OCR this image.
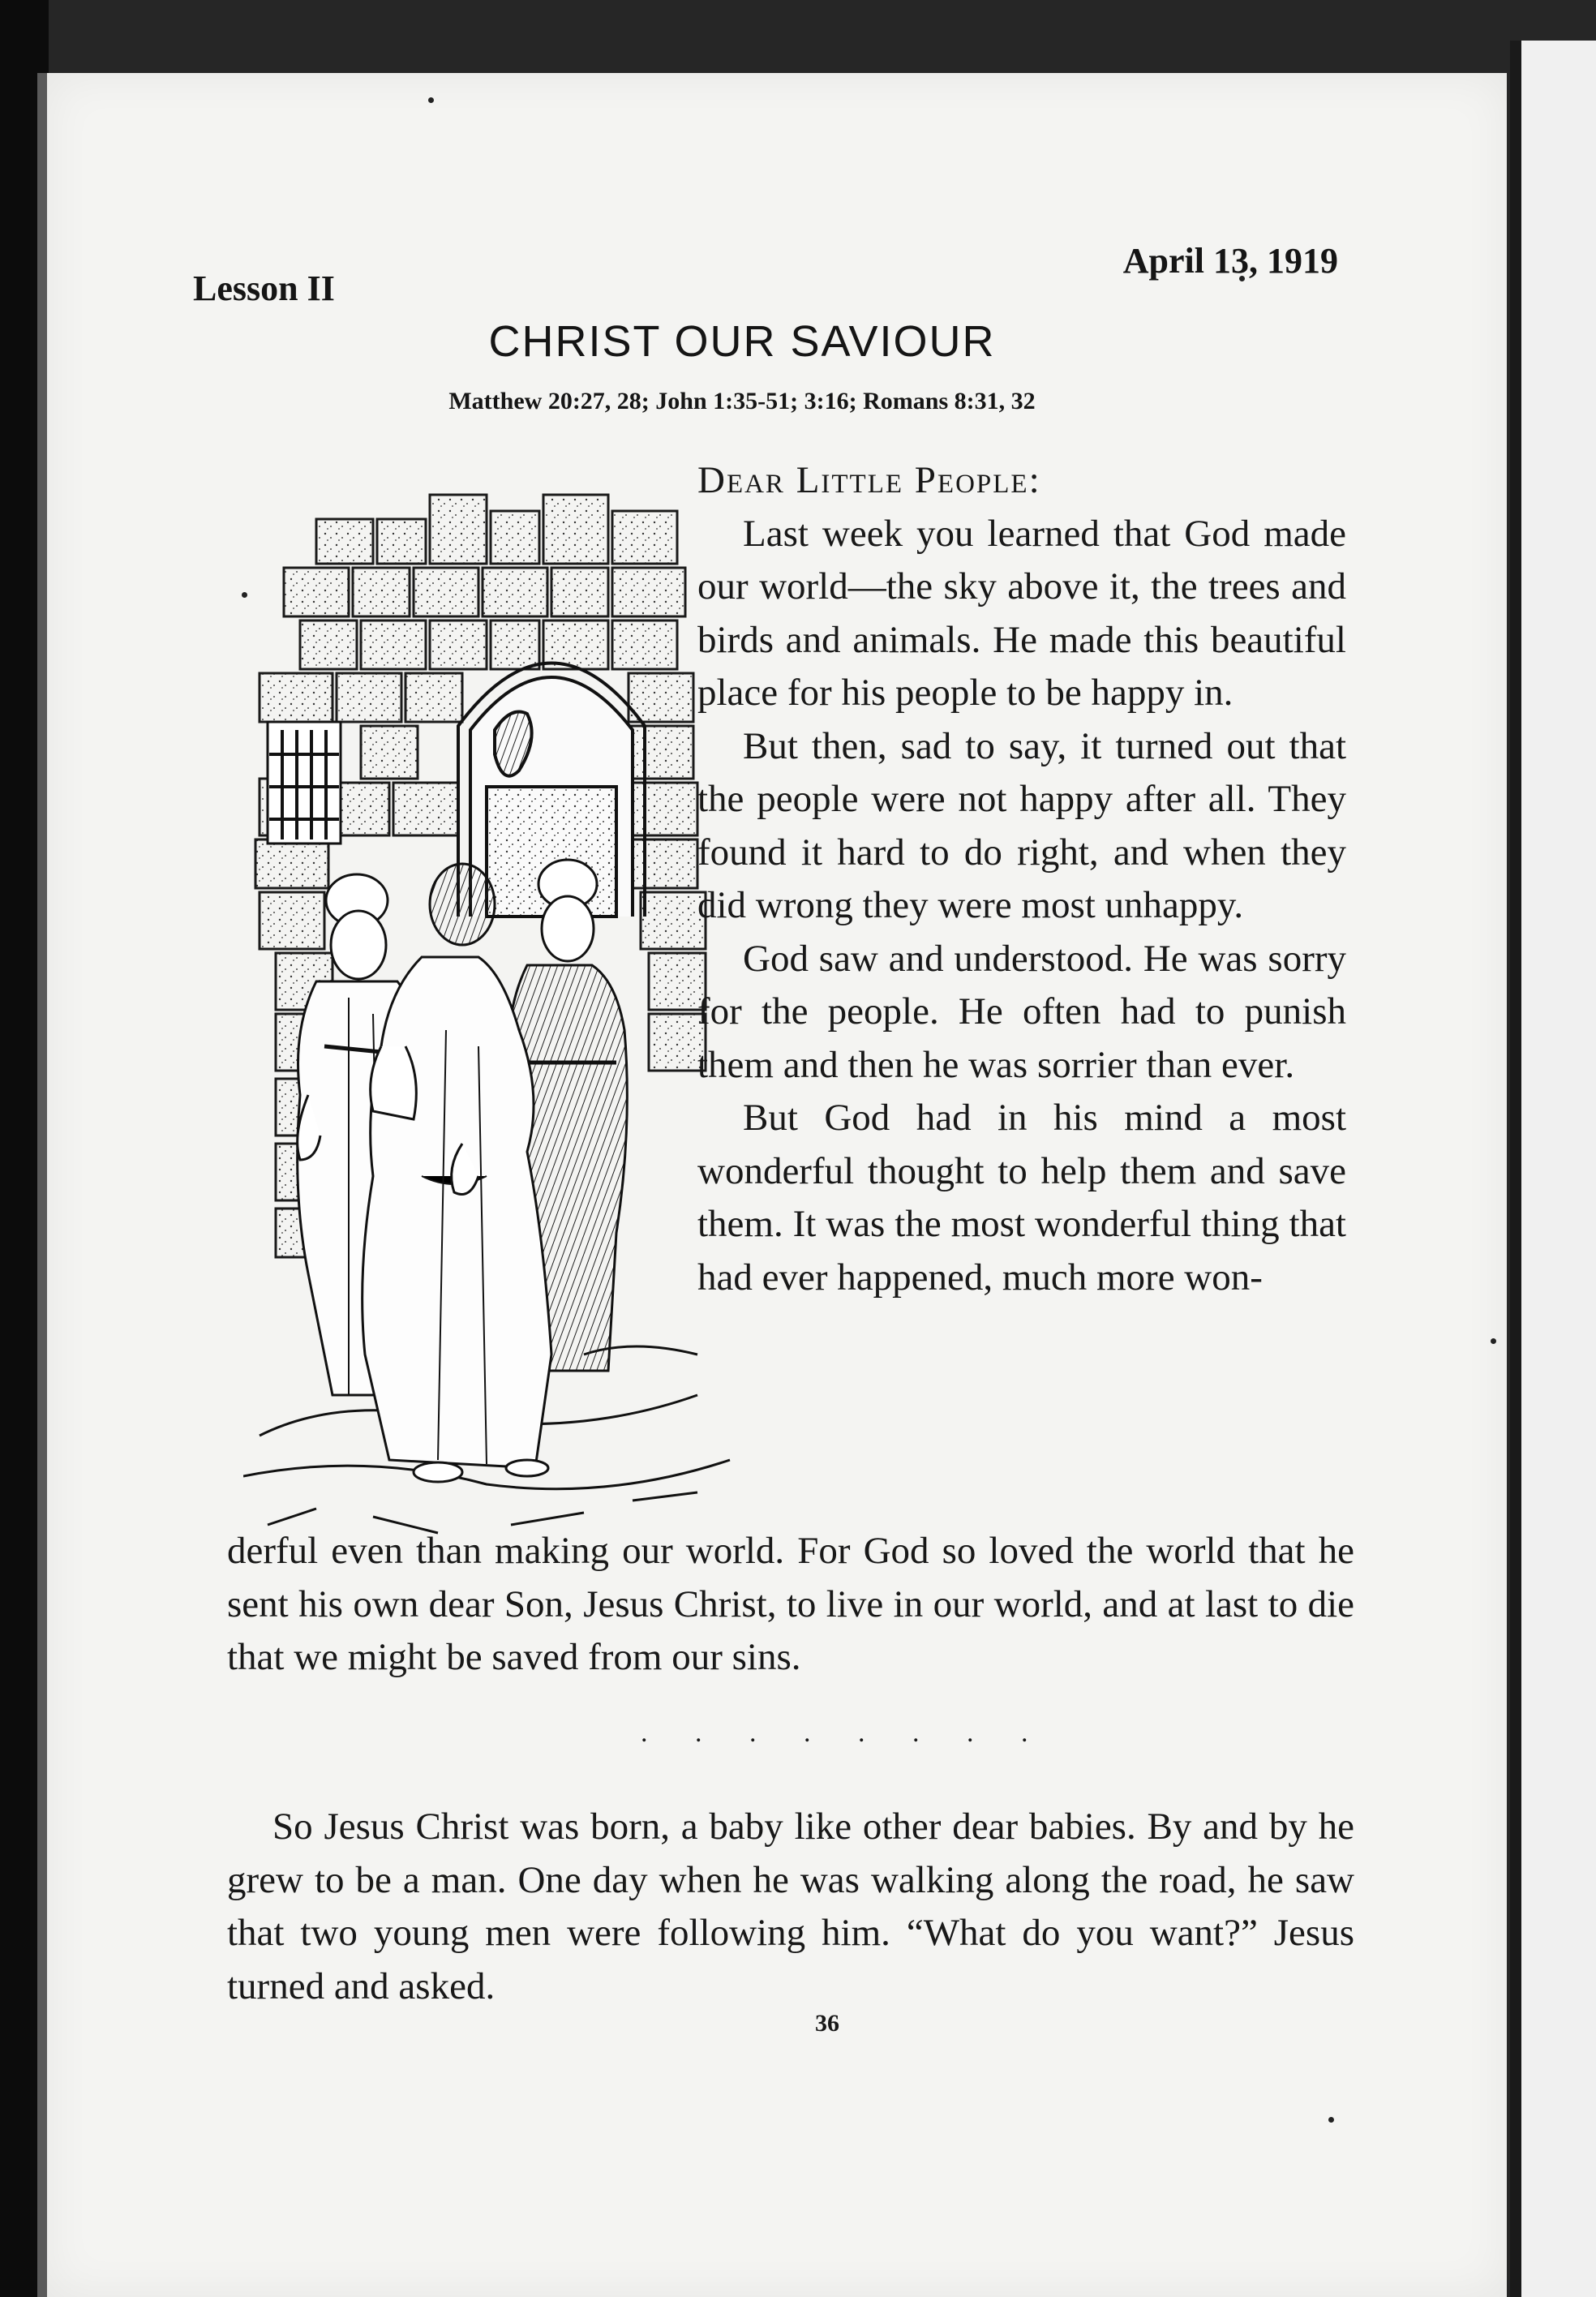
Lesson II
April 13, 1919
CHRIST OUR SAVIOUR
Matthew 20:27, 28; John 1:35-51; 3:16; Romans 8:31, 32

Dear Little People:

Last week you learned that God made our world—the sky above it, the trees and birds and animals. He made this beautiful place for his people to be happy in.

But then, sad to say, it turned out that the people were not happy after all. They found it hard to do right, and when they did wrong they were most unhappy.

God saw and understood. He was sorry for the people. He often had to punish them and then he was sorrier than ever.

But God had in his mind a most wonderful thought to help them and save them. It was the most wonderful thing that had ever happened, much more won-

derful even than making our world. For God so loved the world that he sent his own dear Son, Jesus Christ, to live in our world, and at last to die that we might be saved from our sins.

. . . . . . . .

So Jesus Christ was born, a baby like other dear babies. By and by he grew to be a man. One day when he was walking along the road, he saw that two young men were following him. “What do you want?” Jesus turned and asked.

36
